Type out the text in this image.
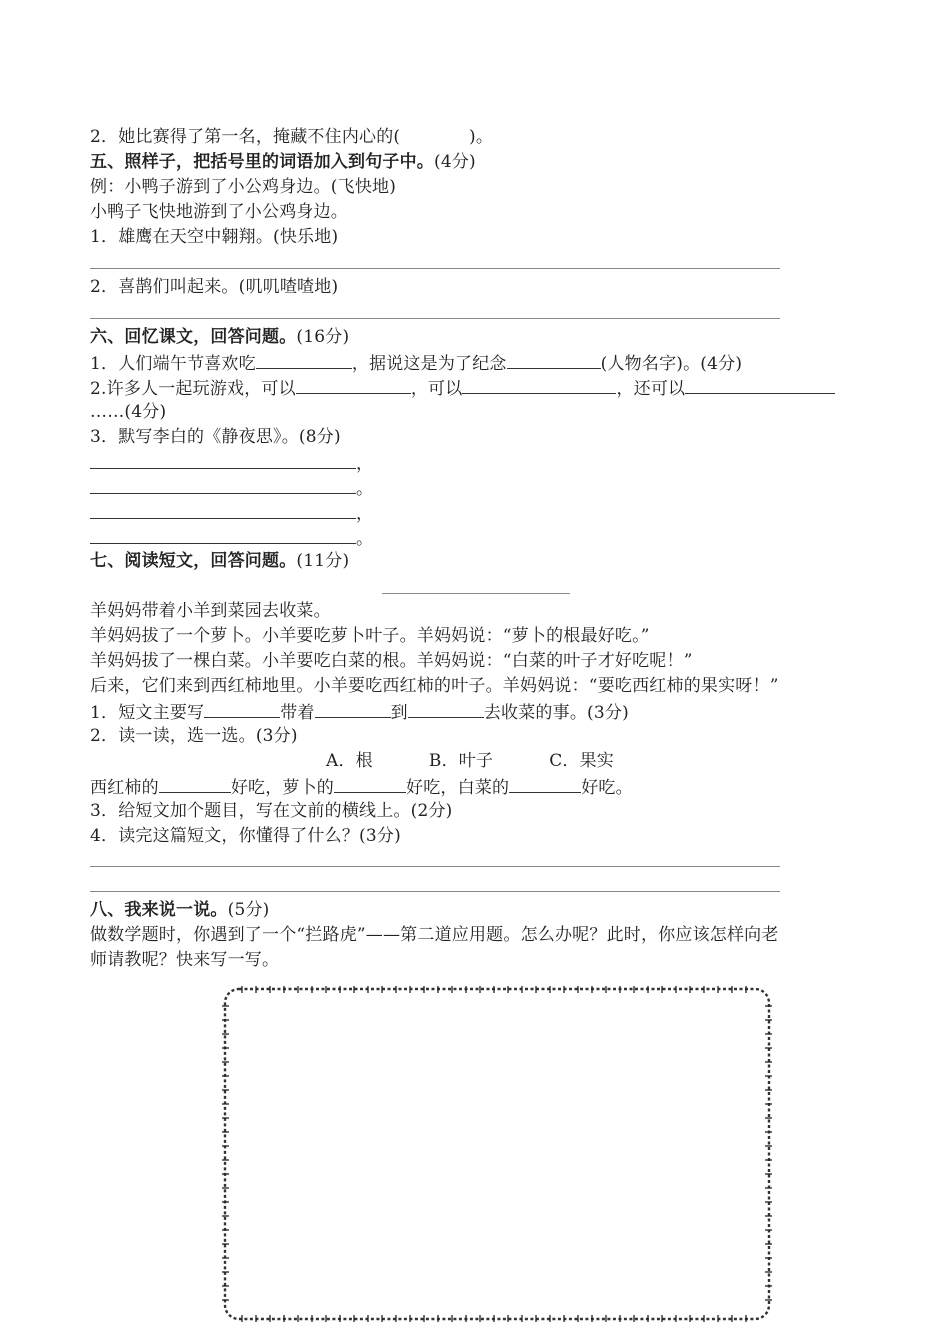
2．她比赛得了第一名，掩藏不住内心的(　　　　)。
五、照样子，把括号里的词语加入到句子中。(4分)
例：小鸭子游到了小公鸡身边。(飞快地)
小鸭子飞快地游到了小公鸡身边。
1．雄鹰在天空中翱翔。(快乐地)
2．喜鹊们叫起来。(叽叽喳喳地)
六、回忆课文，回答问题。(16分)
1．人们端午节喜欢吃	，据说这是为了纪念	(人物名字)。(4分)
2.许多人一起玩游戏，可以	，可以	，还可以
……(4分)
3．默写李白的《静夜思》。(8分)
，
。
，
。
七、阅读短文，回答问题。(11分)
羊妈妈带着小羊到菜园去收菜。
羊妈妈拔了一个萝卜。小羊要吃萝卜叶子。羊妈妈说：“萝卜的根最好吃。”
羊妈妈拔了一棵白菜。小羊要吃白菜的根。羊妈妈说：“白菜的叶子才好吃呢！”
后来，它们来到西红柿地里。小羊要吃西红柿的叶子。羊妈妈说：“要吃西红柿的果实呀！”
1．短文主要写	带着	到	去收菜的事。(3分)
2．读一读，选一选。(3分)
A．根	B．叶子	C．果实
西红柿的	好吃，萝卜的	好吃，白菜的	好吃。
3．给短文加个题目，写在文前的横线上。(2分)
4．读完这篇短文，你懂得了什么？(3分)
八、我来说一说。(5分)
做数学题时，你遇到了一个“拦路虎”——第二道应用题。怎么办呢？此时，你应该怎样向老
师请教呢？快来写一写。
